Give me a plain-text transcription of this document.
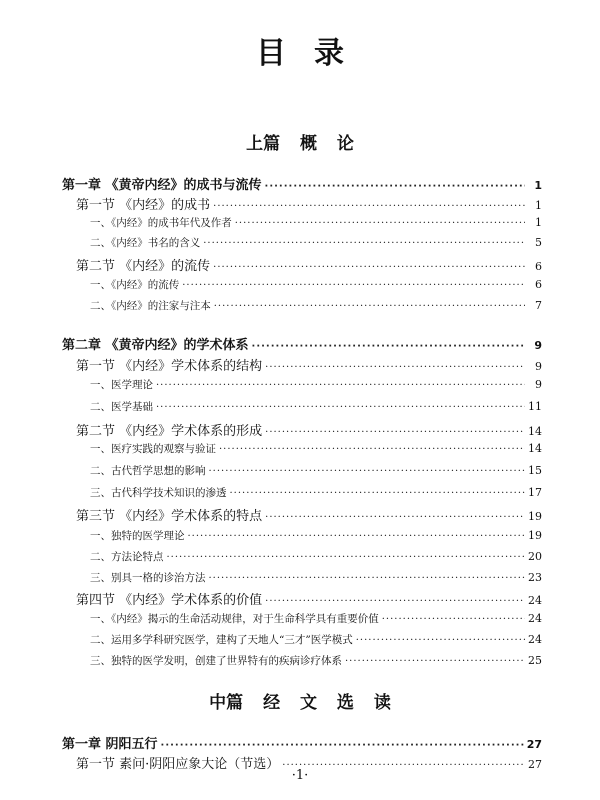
目录
上篇 概 论
第一章 《黄帝内经》的成书与流传 ·····	1
第一节 《内经》的成书 ·····	1
一、《内经》的成书年代及作者 ·····	1
二、《内经》书名的含义 ·····	5
第二节 《内经》的流传 ·····	6
一、《内经》的流传 ·····	6
二、《内经》的注家与注本 ·····	7
第二章 《黄帝内经》的学术体系 ·····	9
第一节 《内经》学术体系的结构 ·····	9
一、医学理论 ·····	9
二、医学基础 ·····	11
第二节 《内经》学术体系的形成 ·····	14
一、医疗实践的观察与验证 ·····	14
二、古代哲学思想的影响 ·····	15
三、古代科学技术知识的渗透 ·····	17
第三节 《内经》学术体系的特点 ·····	19
一、独特的医学理论 ·····	19
二、方法论特点 ·····	20
三、别具一格的诊治方法 ·····	23
第四节 《内经》学术体系的价值 ·····	24
一、《内经》揭示的生命活动规律，对于生命科学具有重要价值 ·····	24
二、运用多学科研究医学，建构了天地人“三才”医学模式 ·····	24
三、独特的医学发明，创建了世界特有的疾病诊疗体系 ·····	25
中篇 经 文 选 读
第一章 阴阳五行 ·····	27
第一节 素问·阴阳应象大论（节选） ·····	27
·1·
